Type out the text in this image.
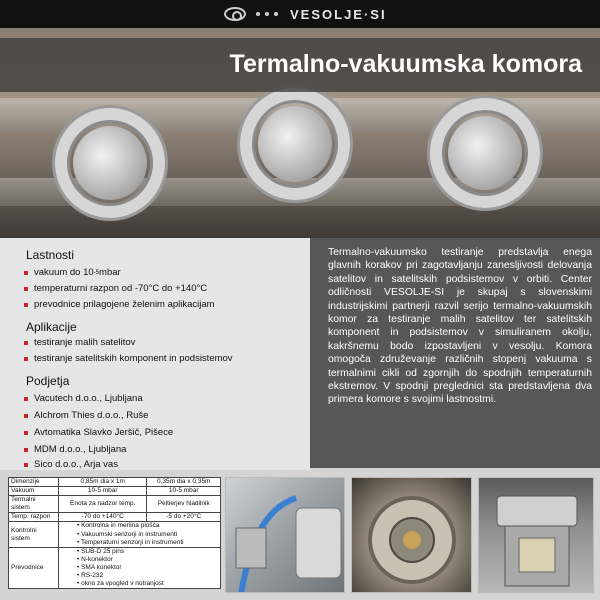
VESOLJE·SI
Termalno-vakuumska komora
Lastnosti
vakuum do 10 -5 mbar
temperaturni razpon od -70°C do +140°C
prevodnice prilagojene želenim aplikacijam
Aplikacije
testiranje malih satelitov
testiranje satelitskih komponent in podsistemov
Podjetja
Vacutech d.o.o., Ljubljana
Alchrom Thies d.o.o., Ruše
Avtomatika Slavko Jeršič, Pišece
MDM d.o.o., Ljubljana
Sico d.o.o., Arja vas

Termalno-vakuumsko testiranje predstavlja enega glavnih korakov pri zagotavljanju zanesljivosti delovanja satelitov in satelitskih podsistemov v orbiti. Center odličnosti VESOLJE-SI je skupaj s slovenskimi industrijskimi partnerji razvil serijo termalno-vakuumskih komor za testiranje malih satelitov ter satelitskih komponent in podsistemov v simuliranem okolju, kakršnemu bodo izpostavljeni v vesolju. Komora omogoča združevanje različnih stopenj vakuuma s termalnimi cikli od zgornjih do spodnjih temperaturnih ekstremov. V spodnji preglednici sta predstavljena dva primera komore s svojimi lastnostmi.

Dimenzije	0,85m dia x 1m	0,35m dia x 0,35m
Vakuum	10-5 mbar	10-5 mbar
Termalni sistem	Enota za nadzor temp.	Peltierjev hladilnik
Temp. razpon	-70 do +140°C	-5 do +20°C
Kontrolni sistem	• Kontrolna in merilna plošča
• Vakuumski senzorji in instrumenti
• Temperaturni senzorji in instrumenti

Prevodnice	• SUB-D 25 pins
• N-konektor
• SMA konektor
• RS-232
• okno za vpogled v notranjost
